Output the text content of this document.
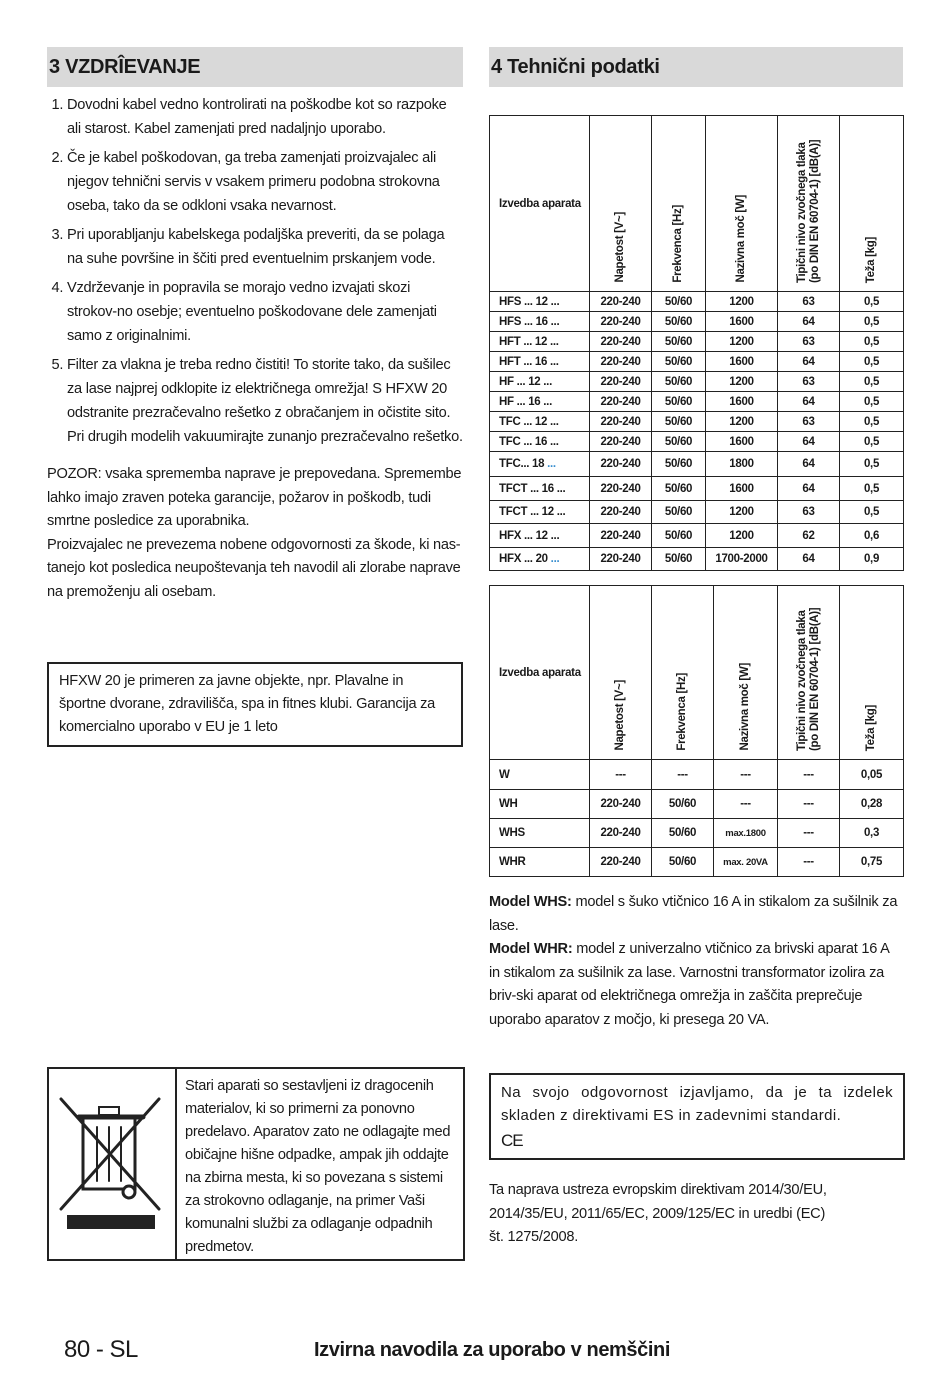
3 VZDRÎEVANJE
1. Dovodni kabel vedno kontrolirati na poškodbe kot so razpoke ali starost. Kabel zamenjati pred nadaljnjo uporabo.
2. Če je kabel poškodovan, ga treba zamenjati proizvajalec ali njegov tehnični servis v vsakem primeru podobna strokovna oseba, tako da se odkloni vsaka nevarnost.
3. Pri uporabljanju kabelskega podaljška preveriti, da se polaga na suhe površine in ščiti pred eventuelnim prskanjem vode.
4. Vzdrževanje in popravila se morajo vedno izvajati skozi strokov-no osebje; eventuelno poškodovane dele zamenjati samo z originalnimi.
5. Filter za vlakna je treba redno čistiti! To storite tako, da sušilec za lase najprej odklopite iz električnega omrežja! S HFXW 20 odstranite prezračevalno rešetko z obračanjem in očistite sito. Pri drugih modelih vakuumirajte zunanjo prezračevalno rešetko.

POZOR: vsaka sprememba naprave je prepovedana. Spremembe lahko imajo zraven poteka garancije, požarov in poškodb, tudi smrtne posledice za uporabnika.

Proizvajalec ne prevezema nobene odgovornosti za škode, ki nas-tanejo kot posledica neupoštevanja teh navodil ali zlorabe naprave na premoženju ali osebam.

HFXW 20 je primeren za javne objekte, npr. Plavalne in športne dvorane, zdravilišča, spa in fitnes klubi. Garancija za komercialno uporabo v EU je 1 leto
4 Tehnični podatki
Izvedba aparata	Napetost [V~]	Frekvenca [Hz]	Nazivna moč [W]	Tipični nivo zvočnega tlaka (po DIN EN 60704-1) [dB(A)]	Teža [kg]

HFS ... 12 ...	220-240	50/60	1200	63	0,5
HFS ... 16 ...	220-240	50/60	1600	64	0,5
HFT ... 12 ...	220-240	50/60	1200	63	0,5
HFT ... 16 ...	220-240	50/60	1600	64	0,5
HF ... 12 ...	220-240	50/60	1200	63	0,5
HF ... 16 ...	220-240	50/60	1600	64	0,5
TFC ... 12 ...	220-240	50/60	1200	63	0,5
TFC ... 16 ...	220-240	50/60	1600	64	0,5
TFC... 18 ...	220-240	50/60	1800	64	0,5
TFCT ... 16 ...	220-240	50/60	1600	64	0,5
TFCT ... 12 ...	220-240	50/60	1200	63	0,5
HFX ... 12 ...	220-240	50/60	1200	62	0,6
HFX ... 20 ...	220-240	50/60	1700-2000	64	0,9
Izvedba aparata	Napetost [V~]	Frekvenca [Hz]	Nazivna moč [W]	Tipični nivo zvočnega tlaka (po DIN EN 60704-1) [dB(A)]	Teža [kg]

W	---	---	---	---	0,05
WH	220-240	50/60	---	---	0,28
WHS	220-240	50/60	max.1800	---	0,3
WHR	220-240	50/60	max. 20VA	---	0,75

Model WHS: model s šuko vtičnico 16 A in stikalom za sušilnik za lase.

Model WHR: model z univerzalno vtičnico za brivski aparat 16 A in stikalom za sušilnik za lase. Varnostni transformator izolira za briv-ski aparat od električnega omrežja in zaščita preprečuje uporabo aparatov z močjo, ki presega 20 VA.

Stari aparati so sestavljeni iz dragocenih materialov, ki so primerni za ponovno predelavo. Aparatov zato ne odlagajte med običajne hišne odpadke, ampak jih oddajte na zbirna mesta, ki so povezana s sistemi za strokovno odlaganje, na primer Vaši komunalni službi za odlaganje odpadnih predmetov.
Na svojo odgovornost izjavljamo, da je ta izdelek skladen z direktivami ES in zadevnimi standardi.
CE

Ta naprava ustreza evropskim direktivam 2014/30/EU, 2014/35/EU, 2011/65/EC, 2009/125/EC in uredbi (EC) št. 1275/2008.

80 - SL	Izvirna navodila za uporabo v nemščini
